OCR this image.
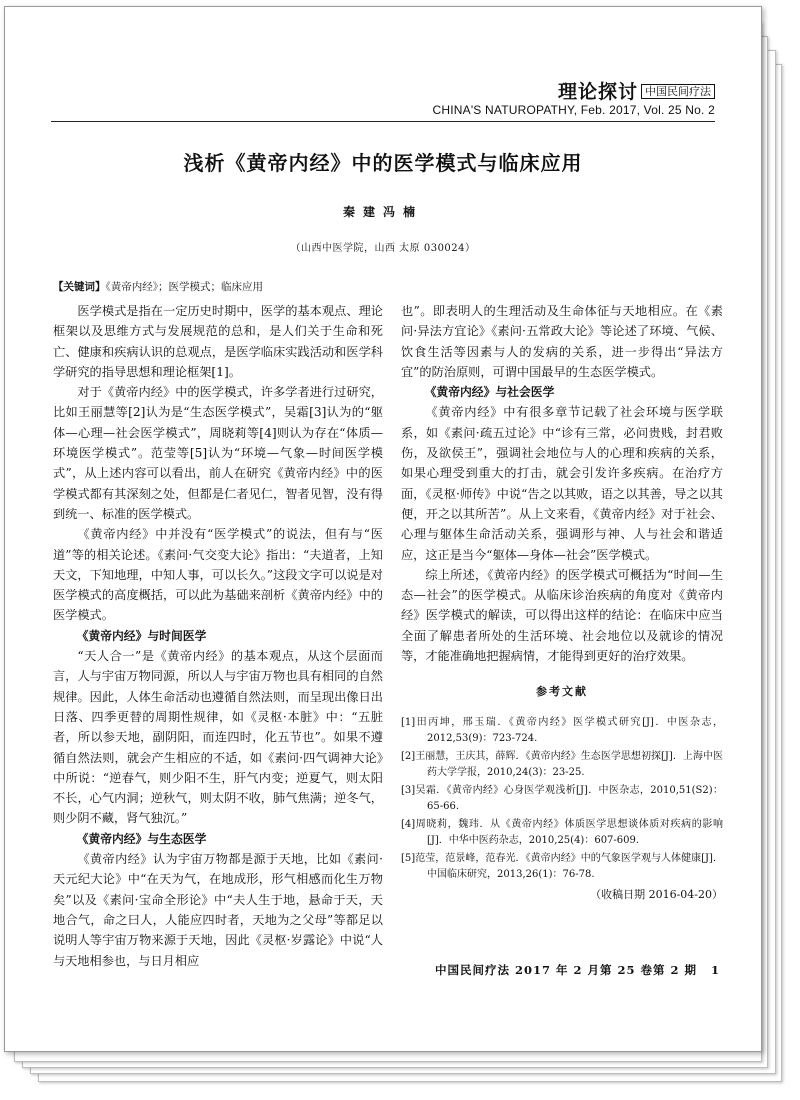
理论探讨 中国民间疗法
CHINA'S NATUROPATHY, Feb. 2017, Vol. 25 No. 2
浅析《黄帝内经》中的医学模式与临床应用
秦建冯楠
（山西中医学院，山西 太原 030024）
【关键词】《黄帝内经》；医学模式；临床应用

医学模式是指在一定历史时期中，医学的基本观点、理论框架以及思维方式与发展规范的总和，是人们关于生命和死亡、健康和疾病认识的总观点，是医学临床实践活动和医学科学研究的指导思想和理论框架[1]。

对于《黄帝内经》中的医学模式，许多学者进行过研究，比如王丽慧等[2]认为是“生态医学模式”，吴霜[3]认为的“躯体—心理—社会医学模式”，周晓莉等[4]则认为存在“体质—环境医学模式”。范莹等[5]认为“环境—气象—时间医学模式”，从上述内容可以看出，前人在研究《黄帝内经》中的医学模式都有其深刻之处，但都是仁者见仁，智者见智，没有得到统一、标准的医学模式。

《黄帝内经》中并没有“医学模式”的说法，但有与“医道”等的相关论述。《素问·气交变大论》指出：“夫道者，上知天文，下知地理，中知人事，可以长久。”这段文字可以说是对医学模式的高度概括，可以此为基础来剖析《黄帝内经》中的医学模式。

《黄帝内经》与时间医学

“天人合一”是《黄帝内经》的基本观点，从这个层面而言，人与宇宙万物同源，所以人与宇宙万物也具有相同的自然规律。因此，人体生命活动也遵循自然法则，而呈现出像日出日落、四季更替的周期性规律，如《灵枢·本脏》中：“五脏者，所以参天地，副阴阳，而连四时，化五节也”。如果不遵循自然法则，就会产生相应的不适，如《素问·四气调神大论》中所说：“逆春气，则少阳不生，肝气内变；逆夏气，则太阳不长，心气内洞；逆秋气，则太阴不收，肺气焦满；逆冬气，则少阴不藏，肾气独沉。”

《黄帝内经》与生态医学

《黄帝内经》认为宇宙万物都是源于天地，比如《素问·天元纪大论》中“在天为气，在地成形，形气相感而化生万物矣”以及《素问·宝命全形论》中“夫人生于地，悬命于天，天地合气，命之曰人，人能应四时者，天地为之父母”等都足以说明人等宇宙万物来源于天地，因此《灵枢·岁露论》中说“人与天地相参也，与日月相应

也”。即表明人的生理活动及生命体征与天地相应。在《素问·异法方宜论》《素问·五常政大论》等论述了环境、气候、饮食生活等因素与人的发病的关系，进一步得出“异法方宜”的防治原则，可谓中国最早的生态医学模式。

《黄帝内经》与社会医学

《黄帝内经》中有很多章节记载了社会环境与医学联系，如《素问·疏五过论》中“诊有三常，必问贵贱，封君败伤，及欲侯王”，强调社会地位与人的心理和疾病的关系，如果心理受到重大的打击，就会引发许多疾病。在治疗方面，《灵枢·师传》中说“告之以其败，语之以其善，导之以其便，开之以其所苦”。从上文来看，《黄帝内经》对于社会、心理与躯体生命活动关系，强调形与神、人与社会和谐适应，这正是当今“躯体—身体—社会”医学模式。

综上所述，《黄帝内经》的医学模式可概括为“时间—生态—社会”的医学模式。从临床诊治疾病的角度对《黄帝内经》医学模式的解读，可以得出这样的结论：在临床中应当全面了解患者所处的生活环境、社会地位以及就诊的情况等，才能准确地把握病情，才能得到更好的治疗效果。

参考文献
[1]田丙坤，邢玉瑞．《黄帝内经》医学模式研究[J]．中医杂志，2012,53(9)：723-724.
[2]王丽慧，王庆其，薛辉．《黄帝内经》生态医学思想初探[J]．上海中医药大学学报，2010,24(3)：23-25.
[3]吴霜．《黄帝内经》心身医学观浅析[J]．中医杂志，2010,51(S2)：65-66.
[4]周晓莉，魏玮．从《黄帝内经》体质医学思想谈体质对疾病的影响[J]．中华中医药杂志，2010,25(4)：607-609.
[5]范莹，范景峰，范春光．《黄帝内经》中的气象医学观与人体健康[J]．中国临床研究，2013,26(1)：76-78.
（收稿日期 2016-04-20）
中国民间疗法 2017 年 2 月第 25 卷第 2 期 1
